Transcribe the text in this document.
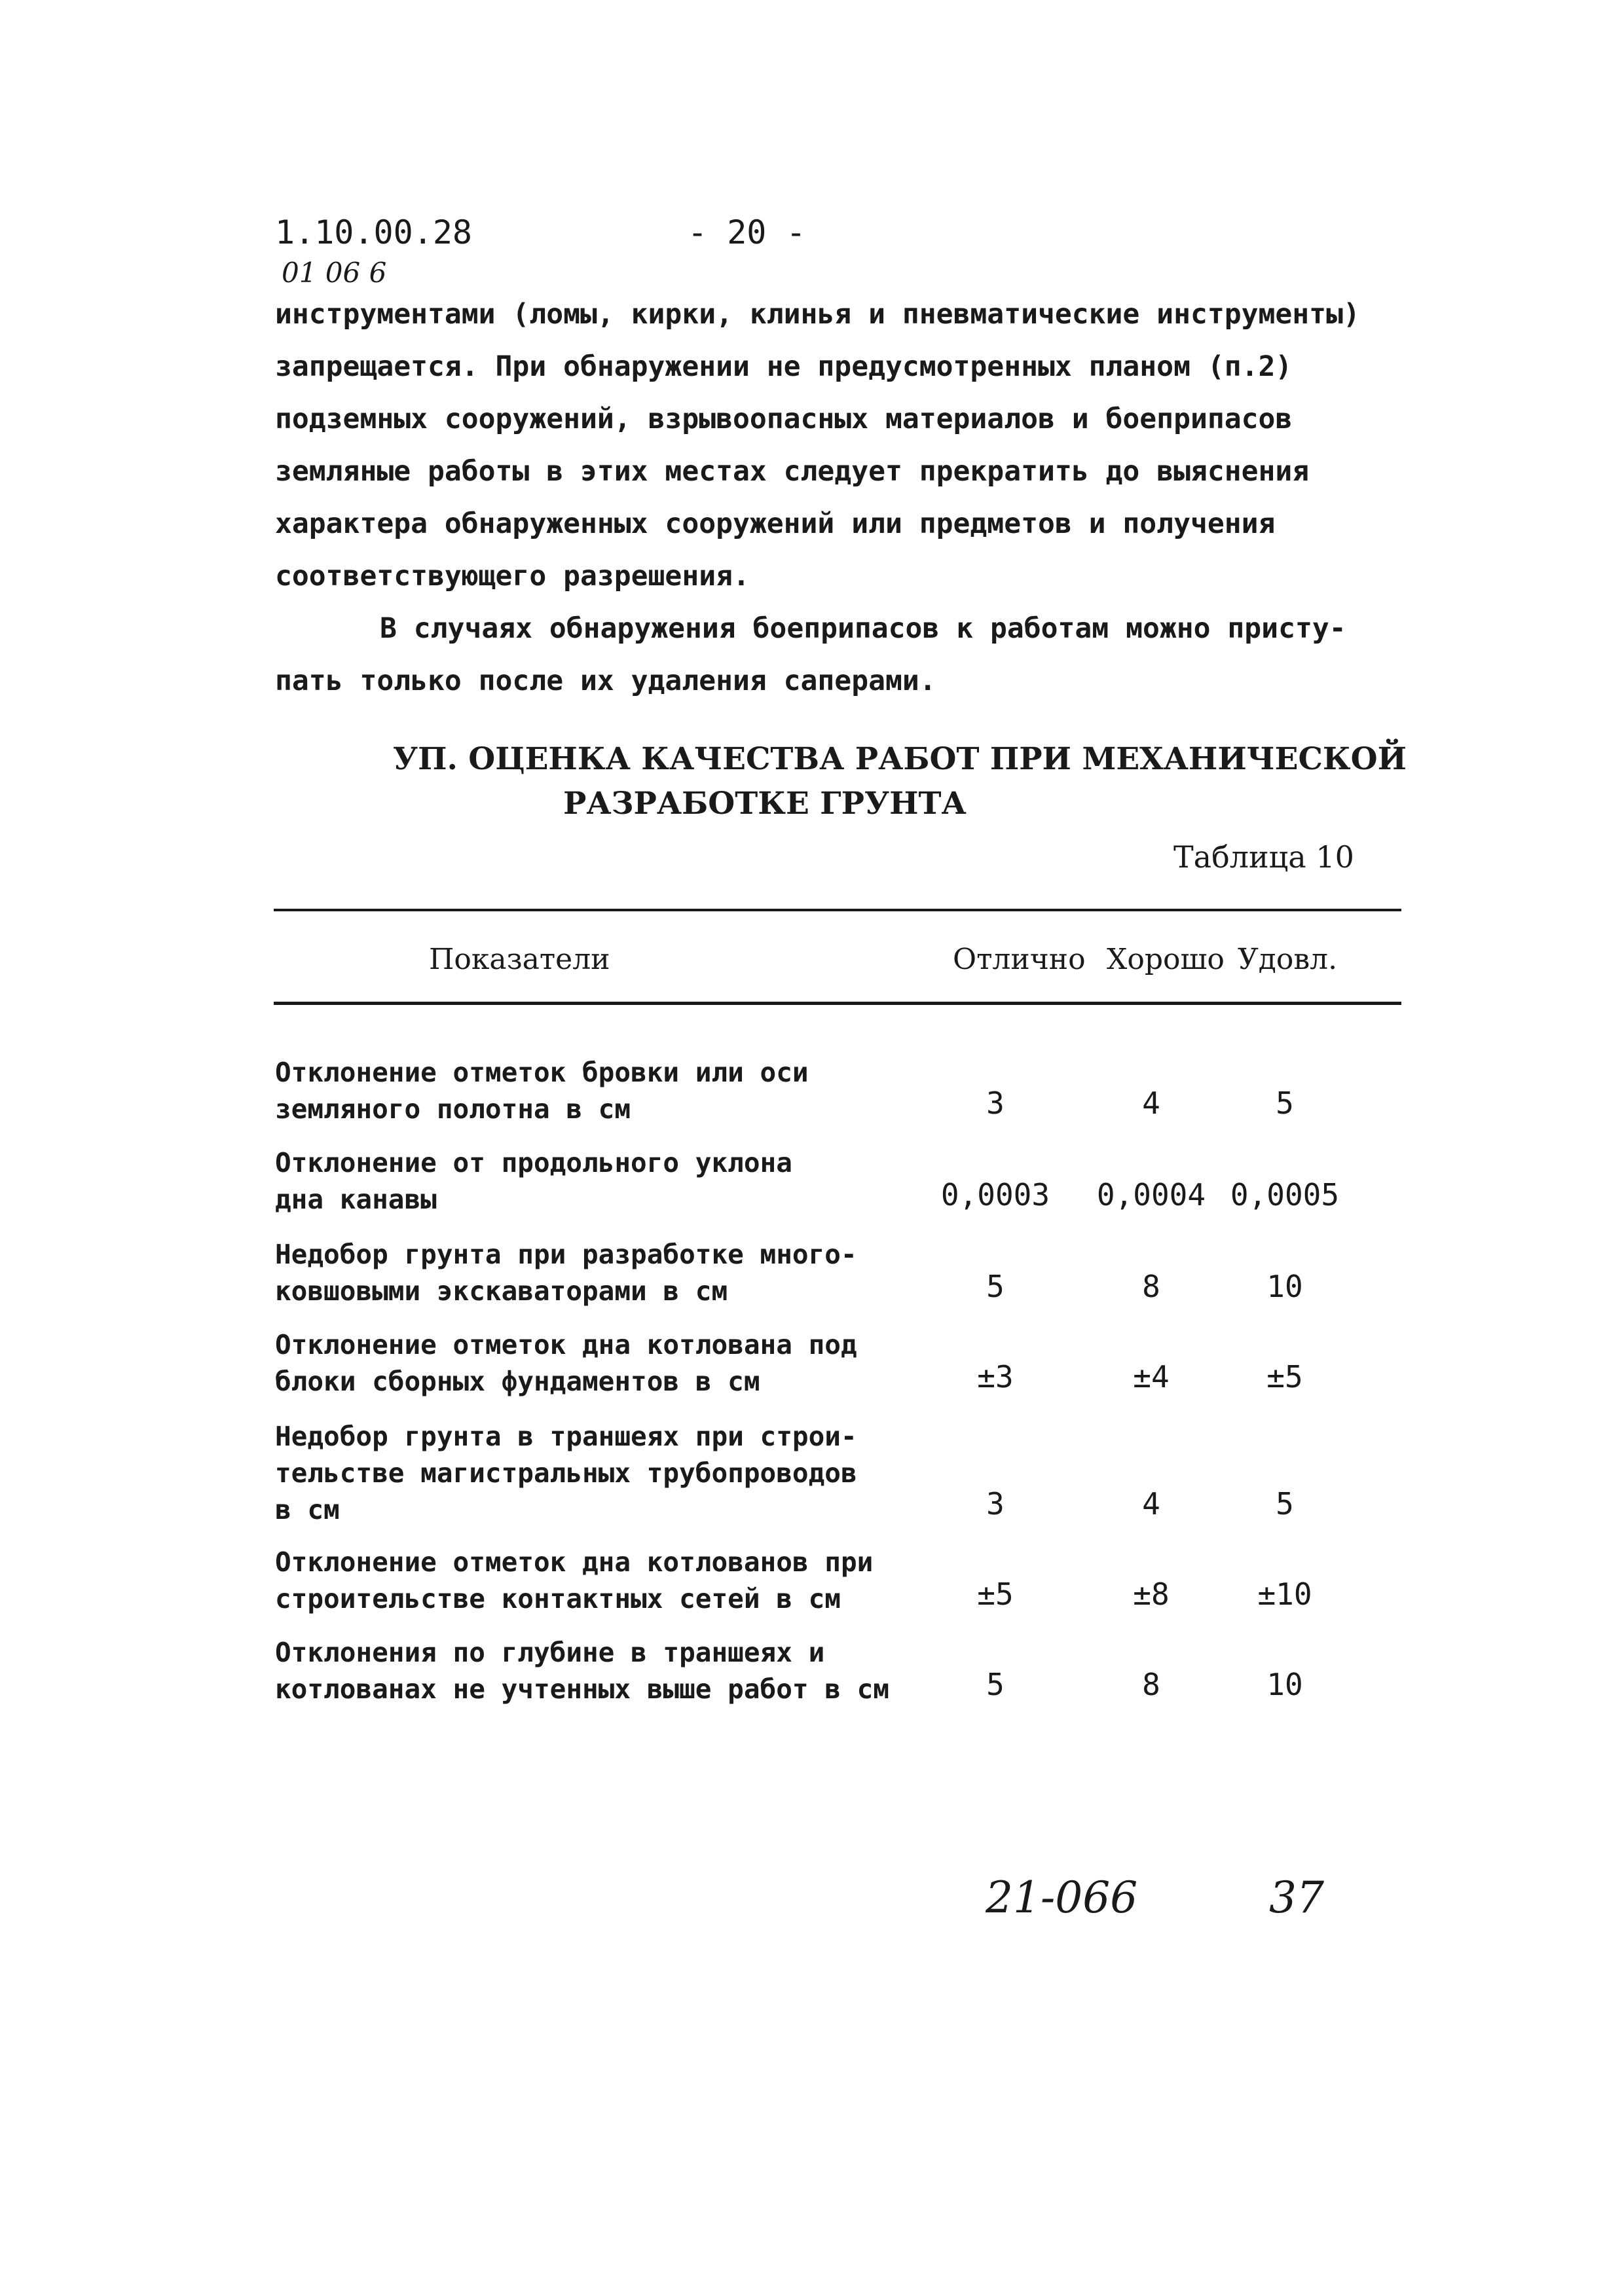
1.10.00.28	- 20 -
01 06 6
инструментами (ломы, кирки, клинья и пневматические инструменты)
запрещается. При обнаружении не предусмотренных планом (п.2)
подземных сооружений, взрывоопасных материалов и боеприпасов
земляные работы в этих местах следует прекратить до выяснения
характера обнаруженных сооружений или предметов и получения
соответствующего разрешения.
В случаях обнаружения боеприпасов к работам можно присту-
пать только после их удаления саперами.
УП. ОЦЕНКА КАЧЕСТВА РАБОТ ПРИ МЕХАНИЧЕСКОЙ
РАЗРАБОТКЕ ГРУНТА
Таблица 10
Показатели	Отлично Хорошо Удовл.
Отклонение отметок бровки или оси
земляного полотна в см	3	4	5
Отклонение от продольного уклона
дна канавы	0,0003	0,0004 0,0005
Недобор грунта при разработке много-
ковшовыми экскаваторами в см	5	8	10
Отклонение отметок дна котлована под
блоки сборных фундаментов в см	±3	±4	±5
Недобор грунта в траншеях при строи-
тельстве магистральных трубопроводов
в см	3	4	5
Отклонение отметок дна котлованов при
строительстве контактных сетей в см	±5	±8	±10
Отклонения по глубине в траншеях и
котлованах не учтенных выше работ в см	5	8	10
21-066	37
